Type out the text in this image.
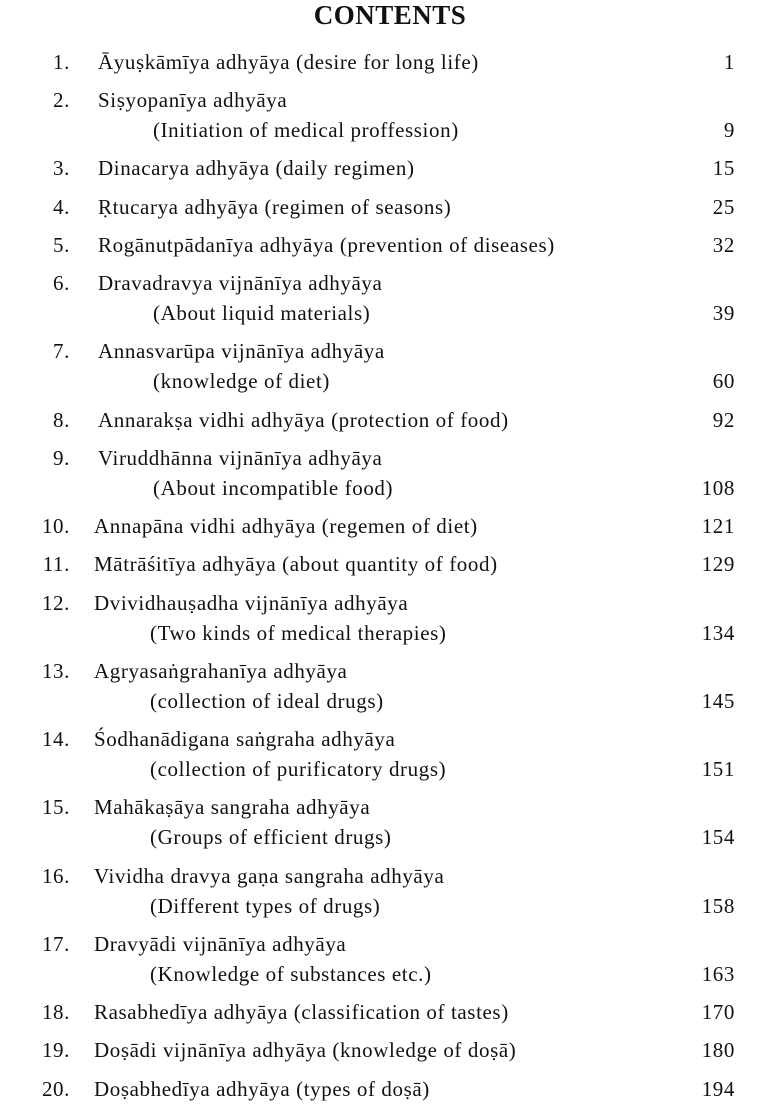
CONTENTS
1. Āyuṣkāmīya adhyāya (desire for long life)	1
2. Siṣyopanīya adhyāya
(Initiation of medical proffession)	9
3. Dinacarya adhyāya (daily regimen)	15
4. Ṛtucarya adhyāya (regimen of seasons)	25
5. Rogānutpādanīya adhyāya (prevention of diseases)	32
6. Dravadravya vijnānīya adhyāya
(About liquid materials)	39
7. Annasvarūpa vijnānīya adhyāya
(knowledge of diet)	60
8. Annarakṣa vidhi adhyāya (protection of food)	92
9. Viruddhānna vijnānīya adhyāya
(About incompatible food)	108
10. Annapāna vidhi adhyāya (regemen of diet)	121
11. Mātrāśitīya adhyāya (about quantity of food)	129
12. Dvividhauṣadha vijnānīya adhyāya
(Two kinds of medical therapies)	134
13. Agryasaṅgrahanīya adhyāya
(collection of ideal drugs)	145
14. Śodhanādigana saṅgraha adhyāya
(collection of purificatory drugs)	151
15. Mahākaṣāya sangraha adhyāya
(Groups of efficient drugs)	154
16. Vividha dravya gaṇa sangraha adhyāya
(Different types of drugs)	158
17. Dravyādi vijnānīya adhyāya
(Knowledge of substances etc.)	163
18. Rasabhedīya adhyāya (classification of tastes)	170
19. Doṣādi vijnānīya adhyāya (knowledge of doṣā)	180
20. Doṣabhedīya adhyāya (types of doṣā)	194
